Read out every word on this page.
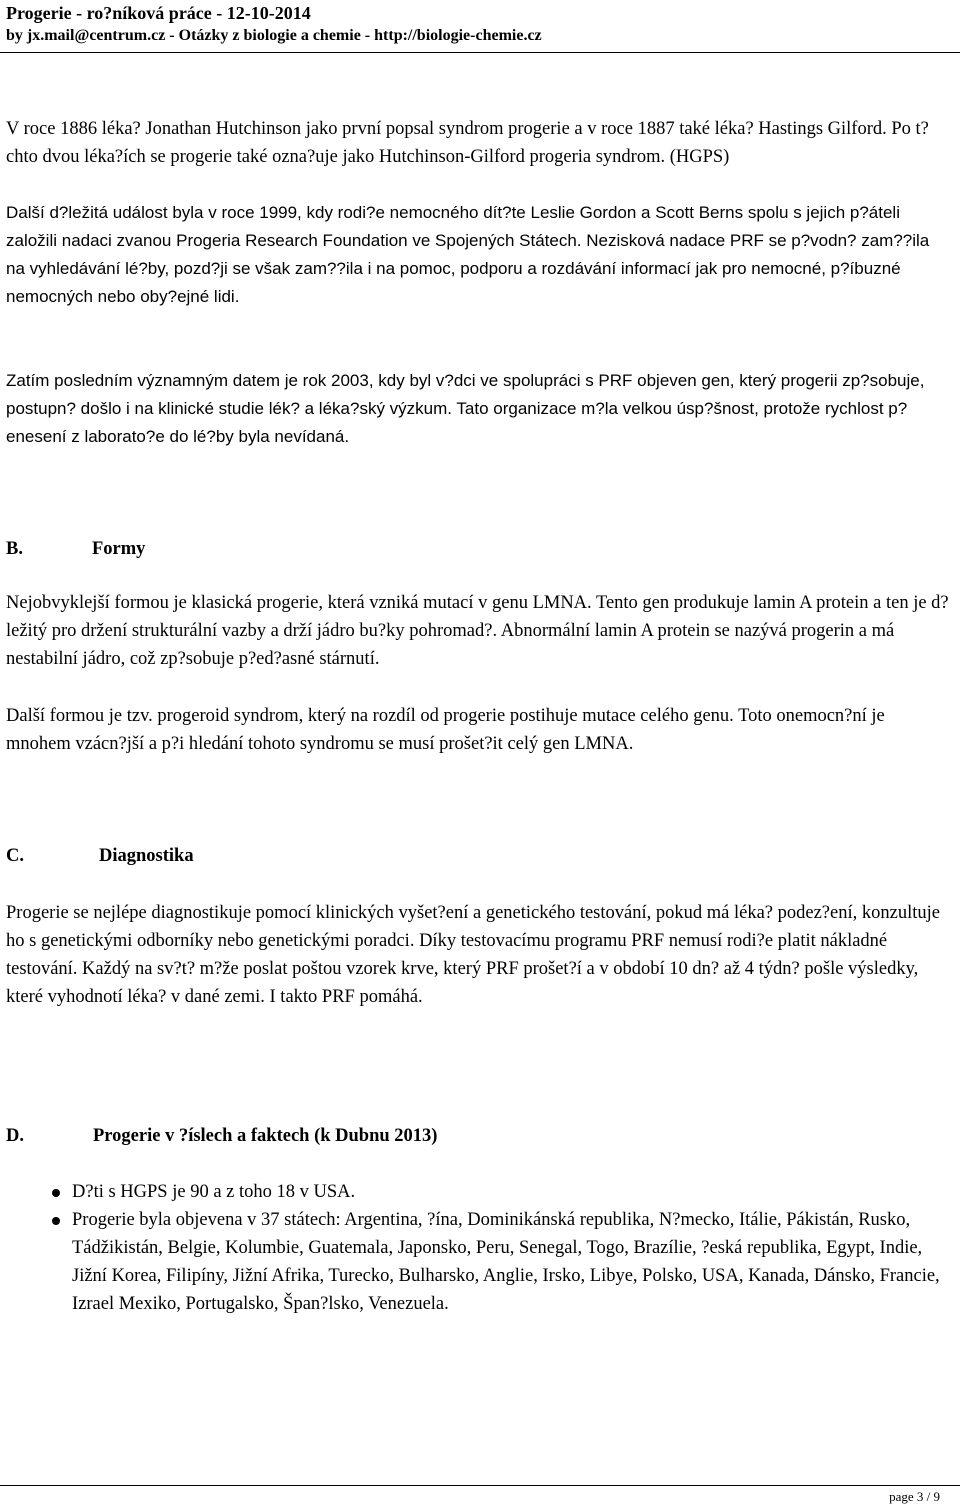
Progerie - ro?níková práce - 12-10-2014
by jx.mail@centrum.cz - Otázky z biologie a chemie - http://biologie-chemie.cz

V roce 1886 léka? Jonathan Hutchinson jako první popsal syndrom progerie a v roce 1887 také léka? Hastings Gilford. Po t?chto dvou léka?ích se progerie také ozna?uje jako Hutchinson-Gilford progeria syndrom. (HGPS)

Další d?ležitá událost byla v roce 1999, kdy rodi?e nemocného dít?te Leslie Gordon a Scott Berns spolu s jejich p?áteli založili nadaci zvanou Progeria Research Foundation ve Spojených Státech. Nezisková nadace PRF se p?vodn? zam??ila na vyhledávání lé?by, pozd?ji se však zam??ila i na pomoc, podporu a rozdávání informací jak pro nemocné, p?íbuzné nemocných nebo oby?ejné lidi.

Zatím posledním významným datem je rok 2003, kdy byl v?dci ve spolupráci s PRF objeven gen, který progerii zp?sobuje, postupn? došlo i na klinické studie lék? a léka?ský výzkum. Tato organizace m?la velkou úsp?šnost, protože rychlost p?enesení z laborato?e do lé?by byla nevídaná.

B.	Formy

Nejobvyklejší formou je klasická progerie, která vzniká mutací v genu LMNA. Tento gen produkuje lamin A protein a ten je d?ležitý pro držení strukturální vazby a drží jádro bu?ky pohromad?. Abnormální lamin A protein se nazývá progerin a má nestabilní jádro, což zp?sobuje p?ed?asné stárnutí.

Další formou je tzv. progeroid syndrom, který na rozdíl od progerie postihuje mutace celého genu. Toto onemocn?ní je mnohem vzácn?jší a p?i hledání tohoto syndromu se musí prošet?it celý gen LMNA.

C.	Diagnostika

Progerie se nejlépe diagnostikuje pomocí klinických vyšet?ení a genetického testování, pokud má léka? podez?ení, konzultuje ho s genetickými odborníky nebo genetickými poradci. Díky testovacímu programu PRF nemusí rodi?e platit nákladné testování. Každý na sv?t? m?že poslat poštou vzorek krve, který PRF prošet?í a v období 10 dn? až 4 týdn? pošle výsledky, které vyhodnotí léka? v dané zemi. I takto PRF pomáhá.

D.	Progerie v ?íslech a faktech (k Dubnu 2013)
D?ti s HGPS je 90 a z toho 18 v USA.
Progerie byla objevena v 37 státech: Argentina, ?ína, Dominikánská republika, N?mecko, Itálie, Pákistán, Rusko, Tádžikistán, Belgie, Kolumbie, Guatemala, Japonsko, Peru, Senegal, Togo, Brazílie, ?eská republika, Egypt, Indie, Jižní Korea, Filipíny, Jižní Afrika, Turecko, Bulharsko, Anglie, Irsko, Libye, Polsko, USA, Kanada, Dánsko, Francie, Izrael Mexiko, Portugalsko, Špan?lsko, Venezuela.
page 3 / 9
